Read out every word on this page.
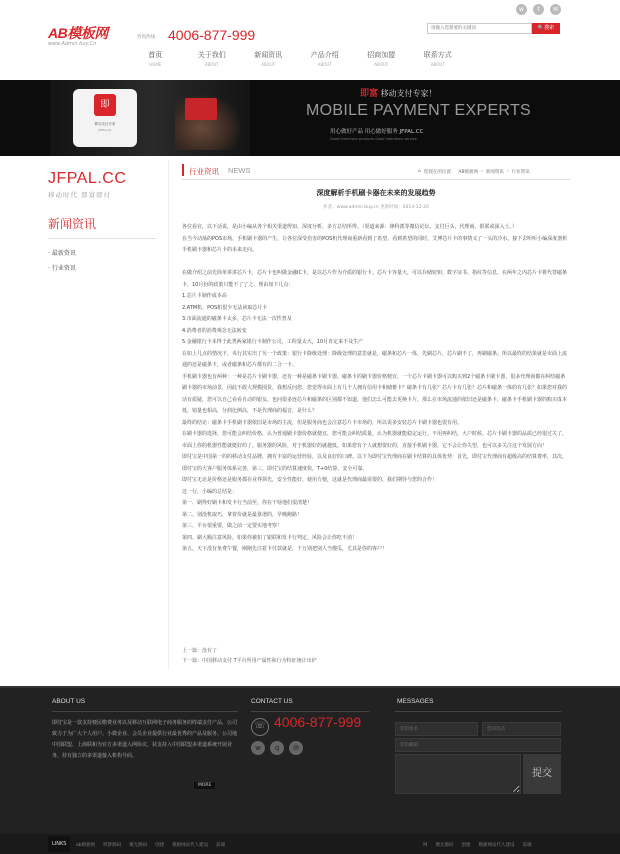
AB模板网
www.Admin buy.Cn
咨询热线： 4006-877-999
w	t	✉
请输入您想要的关键词
🔍搜索
首页
HOME
关于我们
ABOUT
新闻资讯
ABOUT
产品介绍
ABOUT
招商加盟
ABOUT
联系方式
ABOUT
即
移动支付专家
JFPAL.CC
即富 移动支付专家！
MOBILE PAYMENT EXPERTS
用心做好产品 用心做好服务 JFPAL.CC
Good intentions products Good intentions service
JFPAL.CC
移动时代 即富即付
新闻资讯
· 最新资讯
· 行业资讯
行业资讯 NEWS	⌂ 您现在的位置： AB模板网 › 新闻资讯 › 行业资讯
深度解析手机刷卡器在未来的发展趋势
作者：www.admin buy.cn 更新时间：2014-12-20

各位看官，以下话说，是由小编从各个相关渠道得知、深度分析、多方总结所得。（渠道来源：锋科派等微信论坛、支付巨头、代理商、银联或深入土。）

在当今动荡的POS市场，手机刷卡器的产生，让各位深受伤害的POS机代理商重新看到了希望。看到希望的同时，艾博芯片卡的事情又了一头的冷水。接下去听听小编深度剖析手机刷卡器和芯片卡的未来走向。

在做介绍之前先简单讲讲芯片卡，芯片卡也叫做金融IC卡，是以芯片作为介质的银行卡。芯片卡容量大，可以存储密钥、数字证书、指纹等信息，在两年之内芯片卡将代替磁条卡，10月份的政策只能不了了之，理由如下几点：

1.芯片卡制作成本高

2.ATM机，POS机很少无法读取芯片卡

3.市面流通的磁条卡太多，芯片卡无法一次性普及

4.消费者的消费观念无法转变

5.金融银行卡未得于此类两家银行卡制作公司，工程量太大，10月肯定来不及生产

在如上几点的情况下，央行其实出了另一个政策：银行卡降级处理：降级处理的意思就是，磁条和芯片一体，先刷芯片，芯片刷不了，再刷磁条。所以最终的结果就是市面上流通的还是磁条卡，或者磁条和芯片都有的二合一卡。

手机刷卡器也有两种：一种是芯片卡刷卡器，还有一种是磁条卡刷卡器。磁条卡的刷卡器价格便宜，一个芯片卡刷卡器可以购买到2个磁条卡刷卡器，很多代理商都在纠结磁条刷卡器的市场前景，因此不敢大规模囤货。我想反问您，您觉得市面上有几个人拥有信用卡和储蓄卡？磁条卡有几张？芯片卡有几张？芯片和磁条一体的有几张？如果您对我的话有质疑，您可以自己看看自动的银友、也问很多连芯片和磁条的区别都不知道，他们怎么可能去更换卡片，那么在市场流通的依旧还是磁条卡，磁条卡手机刷卡器的购买成本低，销量也相高，分润比例高，不是代理商的福音，是什么？

最终的结论：磁条卡手机刷卡器依旧是市场的主流，但是服务商也会注意芯片卡市场的，所以说多安装芯片卡刷卡器也很有用。

在刷卡器的选择，您可能会纠结价格，认为普通刷卡器价格就便宜，您可能会纠结质量，认为机器就能稳定运行。不用再纠结，大户时候，芯片卡刷卡器的品质已经很过关了，市面上你的机器性能就挺好的了。服务器的风险，对于机器好的就越低。如果您有个人就想要好的，直接手机刷卡器，它不会让你失望，也可以多关注这个发展方向！

即付宝是中国第一的的移动支付品牌，拥有丰富的运营经验，以及良好的口碑。以下为即付宝代理商在刷卡结算的具体优势：首先，即付宝代理商有超级高的结算费率，其次，即付宝的大客户服务体系完善，第三，即付宝的结算速度快，T+0结算，安全可靠。

即付宝无论是价格还是服务都在业界领先，安全性能好，使用方便，这就是代理商最需要的，我们期待与您的合作！

这一行，小编的总结是：

第一、刷得好刷卡和发卡行当前至，你在干啥他们很清楚！

第二、别没机取巧，拿着价就是最靠谱的，早晚跑路！

第三、平台很重要，做之前一定要实地考察！

第四、刷大额注意风险，如果你被扣了银联和发卡行判定，风险会让你吃不消！

第五、天下没有免费午餐，刚刚先注意卡付款就是，千万别把别人当傻瓜，尤其是你的客户！

上一篇：没有了
下一篇：中国移动支付 T平台所用产属性和行为特征统计出炉
ABOUT US
即付宝是一款支持便民缴费业务以及移动互联网电子商务服务的终端支付产品，公司致力于为广大个人用户、小微企业、会员企业提供行业最优秀的产品及服务。公司地中国联盟、上海联和为官方多渠道入网协议，获支持入中国联盟多渠道系统开展业务，持有独立的多渠道接入机构号码。
MORE
CONTACT US
☏ 4006-877-999
w	q	✉
MESSAGES
您的姓名
您的电话
您的邮箱
提交
LINKS	ab模板网 织梦源码 聚无源码 创建 模板网站代人建设 前端	网 聚无源码 创建 模板网站代人建设 前端
